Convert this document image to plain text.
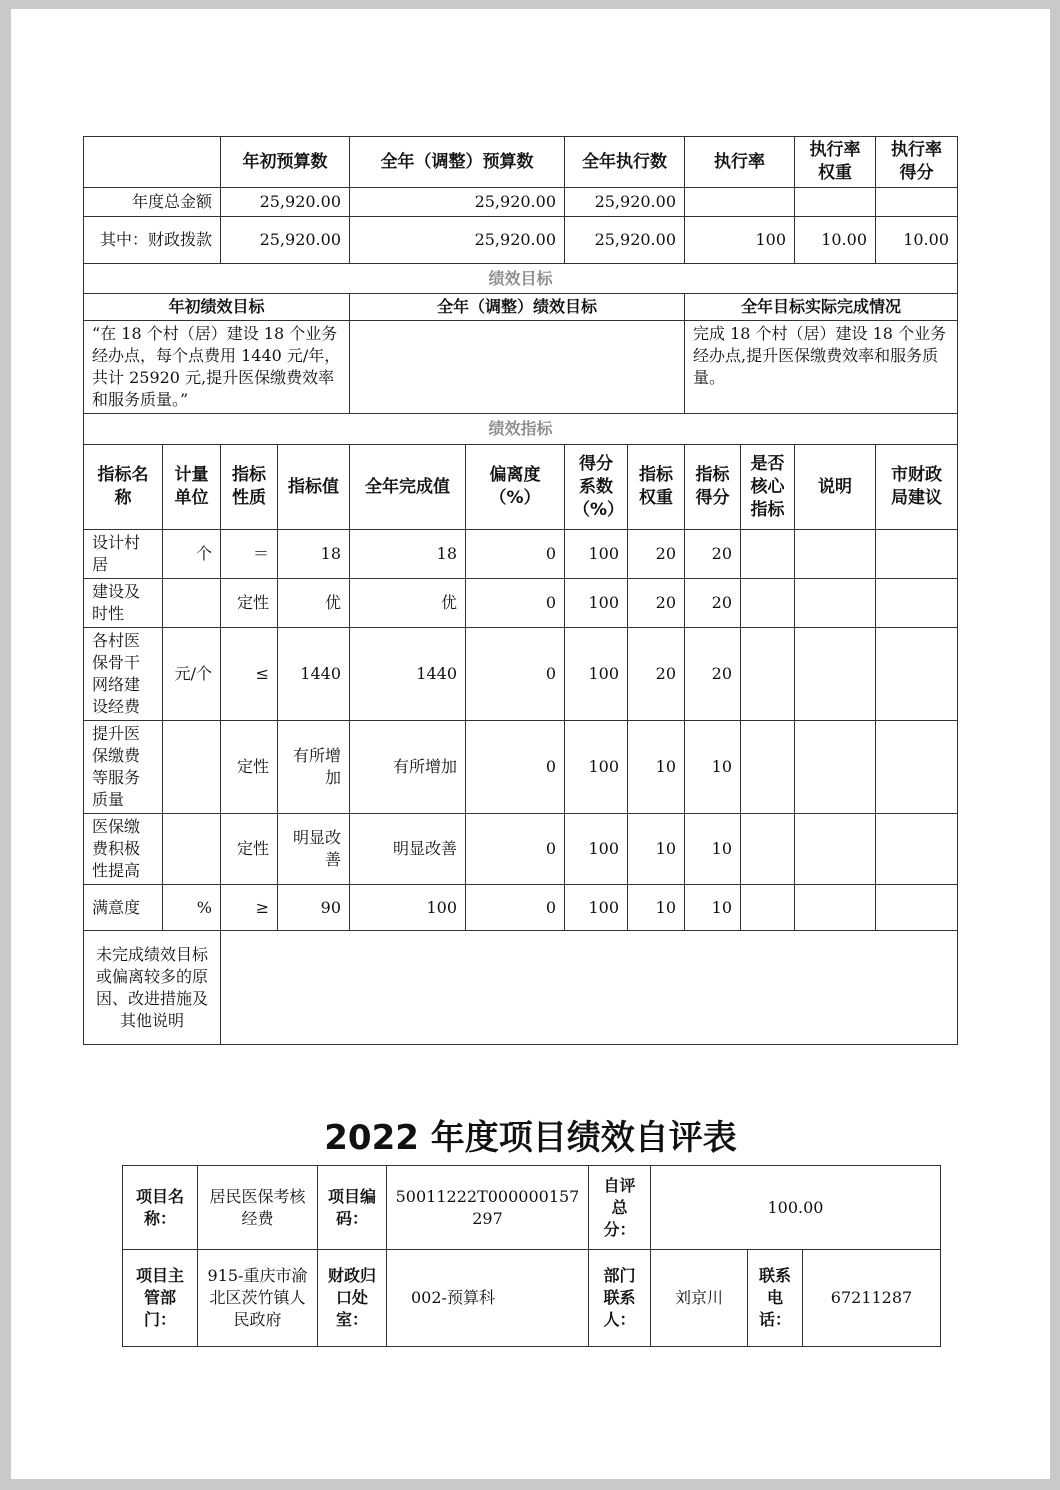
		年初预算数		全年（调整）预算数		全年执行数		执行率		执行率权重	执行率得分
年度总金额		25,920.00		25,920.00		25,920.00					
其中：财政拨款		25,920.00		25,920.00		25,920.00		100		10.00	10.00
绩效目标											
年初绩效目标				全年（调整）绩效目标				全年目标实际完成情况			
“在 18 个村（居）建设 18 个业务经办点，每个点费用 1440 元/年，共计 25920 元,提升医保缴费效率和服务质量。”								完成 18 个村（居）建设 18 个业务经办点,提升医保缴费效率和服务质量。			
绩效指标											
指标名称	计量单位	指标性质	指标值	全年完成值	偏离度（%）	得分系数（%）	指标权重	指标得分	是否核心指标	说明	市财政局建议
设计村居	个	＝	18	18	0	100	20	20			
建设及时性		定性	优	优	0	100	20	20			
各村医保骨干网络建设经费	元/个	≤	1440	1440	0	100	20	20			
提升医保缴费等服务质量		定性	有所增加	有所增加	0	100	10	10			
医保缴费积极性提高		定性	明显改善	明显改善	0	100	10	10			
满意度	%	≥	90	100	0	100	10	10			
未完成绩效目标或偏离较多的原因、改进措施及其他说明											
2022 年度项目绩效自评表
项目名称：	居民医保考核经费	项目编码：	50011222T000000157297	自评总分：	100.00		
项目主管部门：	915-重庆市渝北区茨竹镇人民政府	财政归口处室：	002-预算科	部门联系人：	刘京川	联系电话：	67211287
